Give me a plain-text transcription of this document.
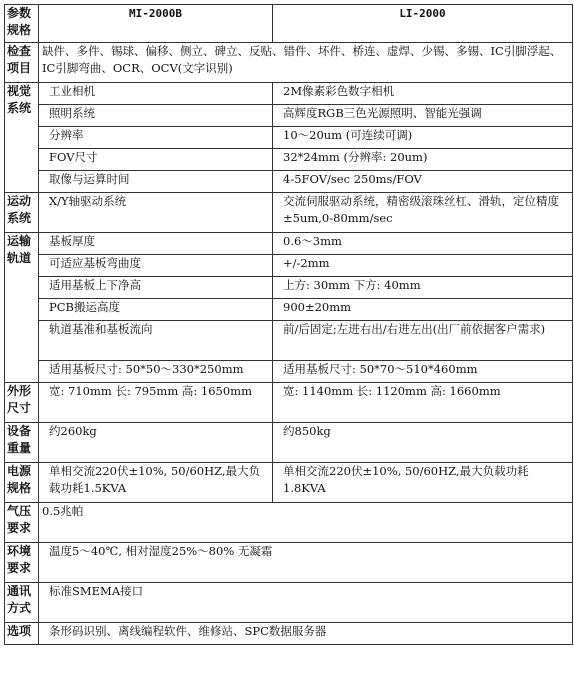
参数规格	MI-2000B	LI-2000
检查项目	缺件、多件、锡球、偏移、侧立、碑立、反贴、错件、坏件、桥连、虚焊、少锡、多锡、IC引脚浮起、IC引脚弯曲、OCR、OCV(文字识别)	
视觉系统	工业相机	2M像素彩色数字相机
	照明系统	高辉度RGB三色光源照明、智能光强调
	分辨率	10～20um (可连续可调)
	FOV尺寸	32*24mm (分辨率: 20um)
	取像与运算时间	4-5FOV/sec 250ms/FOV
运动系统	X/Y轴驱动系统	交流伺服驱动系统，精密级滚珠丝杠、滑轨，定位精度±5um,0-80mm/sec
运输轨道	基板厚度	0.6～3mm
	可适应基板弯曲度	+/-2mm
	适用基板上下净高	上方: 30mm 下方: 40mm
	PCB搬运高度	900±20mm
	轨道基准和基板流向	前/后固定;左进右出/右进左出(出厂前依据客户需求)
	适用基板尺寸: 50*50～330*250mm	适用基板尺寸: 50*70～510*460mm
外形尺寸	宽: 710mm 长: 795mm 高: 1650mm	宽: 1140mm 长: 1120mm 高: 1660mm
设备重量	约260kg	约850kg
电源规格	单相交流220伏±10%, 50/60HZ,最大负载功耗1.5KVA	单相交流220伏±10%, 50/60HZ,最大负载功耗1.8KVA
气压要求	0.5兆帕	
环境要求	温度5～40℃, 相对湿度25%～80% 无凝霜	
通讯方式	标准SMEMA接口	
选项	条形码识别、离线编程软件、维修站、SPC数据服务器	
